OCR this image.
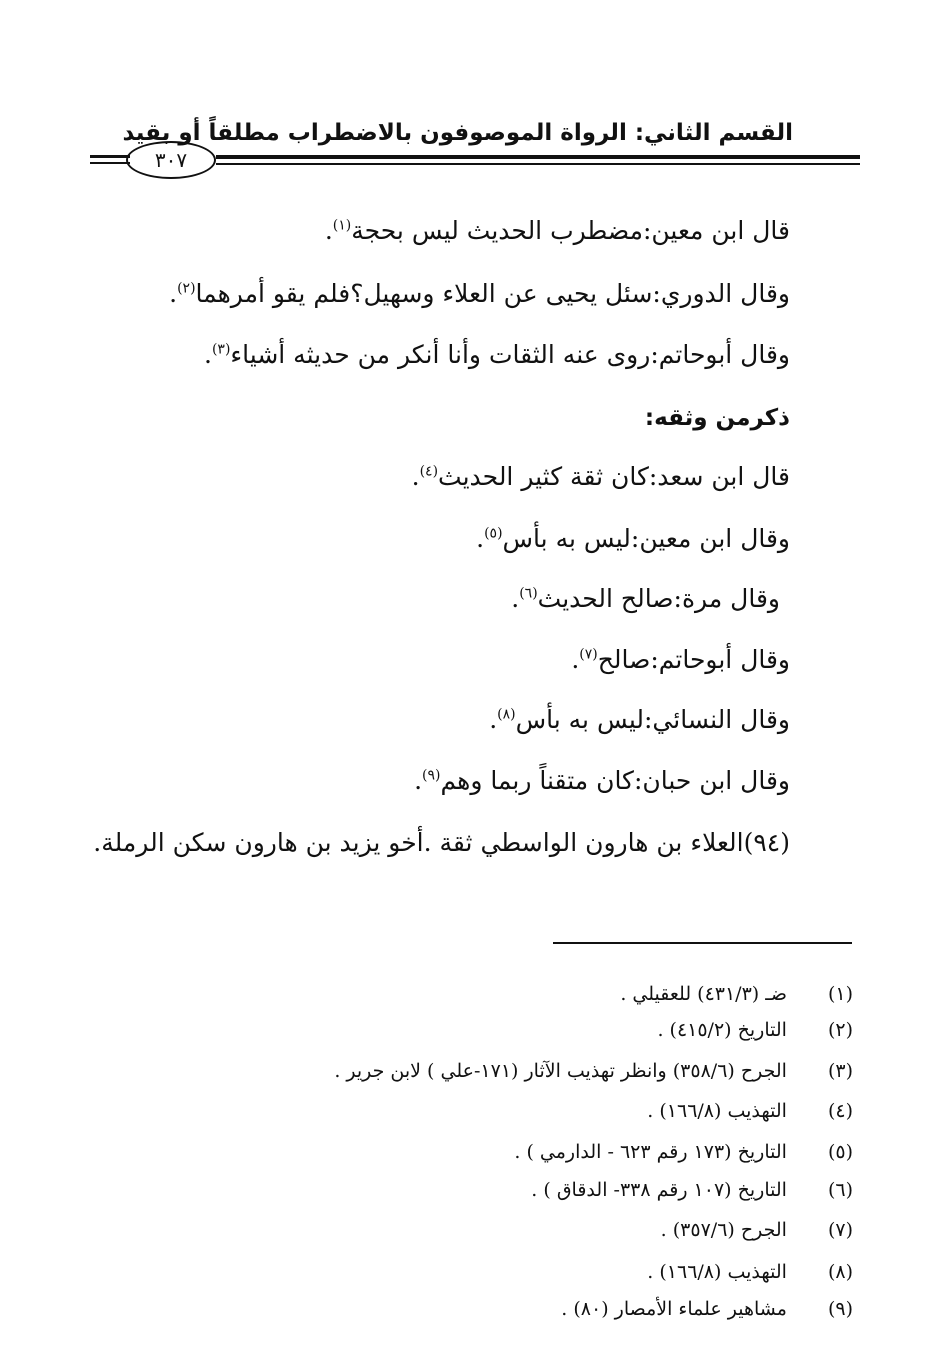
القسم الثاني: الرواة الموصوفون بالاضطراب مطلقاً أو بقيد
٣٠٧
قال ابن معين:مضطرب الحديث ليس بحجة$^{(١)}$.
وقال الدوري:سئل يحيى عن العلاء وسهيل؟فلم يقو أمرهما$^{(٢)}$.
وقال أبوحاتم:روى عنه الثقات وأنا أنكر من حديثه أشياء$^{(٣)}$.
ذكرمن وثقه:
قال ابن سعد:كان ثقة كثير الحديث$^{(٤)}$.
وقال ابن معين:ليس به بأس$^{(٥)}$.
وقال مرة:صالح الحديث$^{(٦)}$.
وقال أبوحاتم:صالح$^{(٧)}$.
وقال النسائي:ليس به بأس$^{(٨)}$.
وقال ابن حبان:كان متقناً ربما وهم$^{(٩)}$.
(٩٤)العلاء بن هارون الواسطي ثقة .أخو يزيد بن هارون سكن الرملة.
(١) ضـ (٤٣١/٣) للعقيلي .
(٢) التاريخ (٤١٥/٢) .
(٣) الجرح (٣٥٨/٦) وانظر تهذيب الآثار (١٧١-علي ) لابن جرير .
(٤) التهذيب (١٦٦/٨) .
(٥) التاريخ (١٧٣ رقم ٦٢٣ - الدارمي ) .
(٦) التاريخ (١٠٧ رقم ٣٣٨- الدقاق ) .
(٧) الجرح (٣٥٧/٦) .
(٨) التهذيب (١٦٦/٨) .
(٩) مشاهير علماء الأمصار (٨٠) .
